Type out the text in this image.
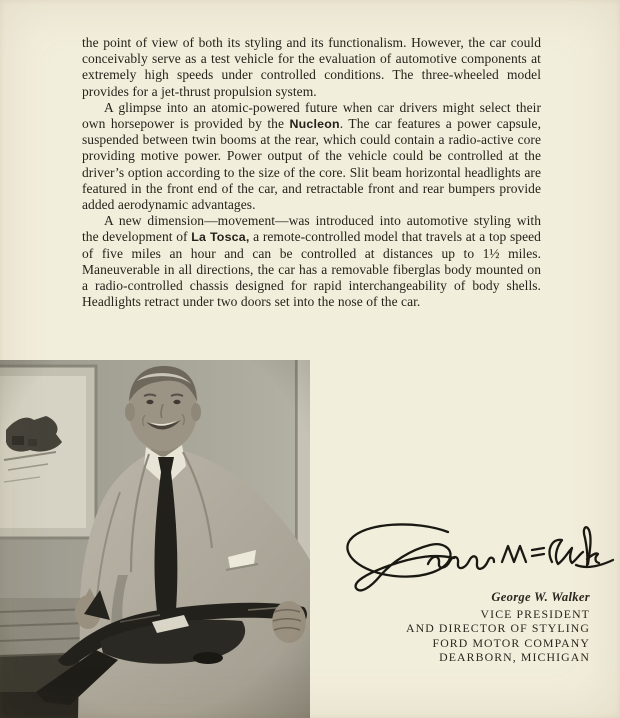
the point of view of both its styling and its functionalism. However, the car could conceivably serve as a test vehicle for the evaluation of automotive components at extremely high speeds under controlled conditions. The three-wheeled model provides for a jet-thrust propulsion system.

A glimpse into an atomic-powered future when car drivers might select their own horsepower is provided by the Nucleon. The car features a power capsule, suspended between twin booms at the rear, which could contain a radio-active core providing motive power. Power output of the vehicle could be controlled at the driver’s option according to the size of the core. Slit beam horizontal headlights are featured in the front end of the car, and retractable front and rear bumpers provide added aerodynamic advantages.

A new dimension—movement—was introduced into automotive styling with the development of La Tosca, a remote-controlled model that travels at a top speed of five miles an hour and can be controlled at distances up to 1½ miles. Maneuverable in all directions, the car has a removable fiberglas body mounted on a radio-controlled chassis designed for rapid interchangeability of body shells. Headlights retract under two doors set into the nose of the car.

George W. Walker
VICE PRESIDENT
AND DIRECTOR OF STYLING
FORD MOTOR COMPANY
DEARBORN, MICHIGAN
